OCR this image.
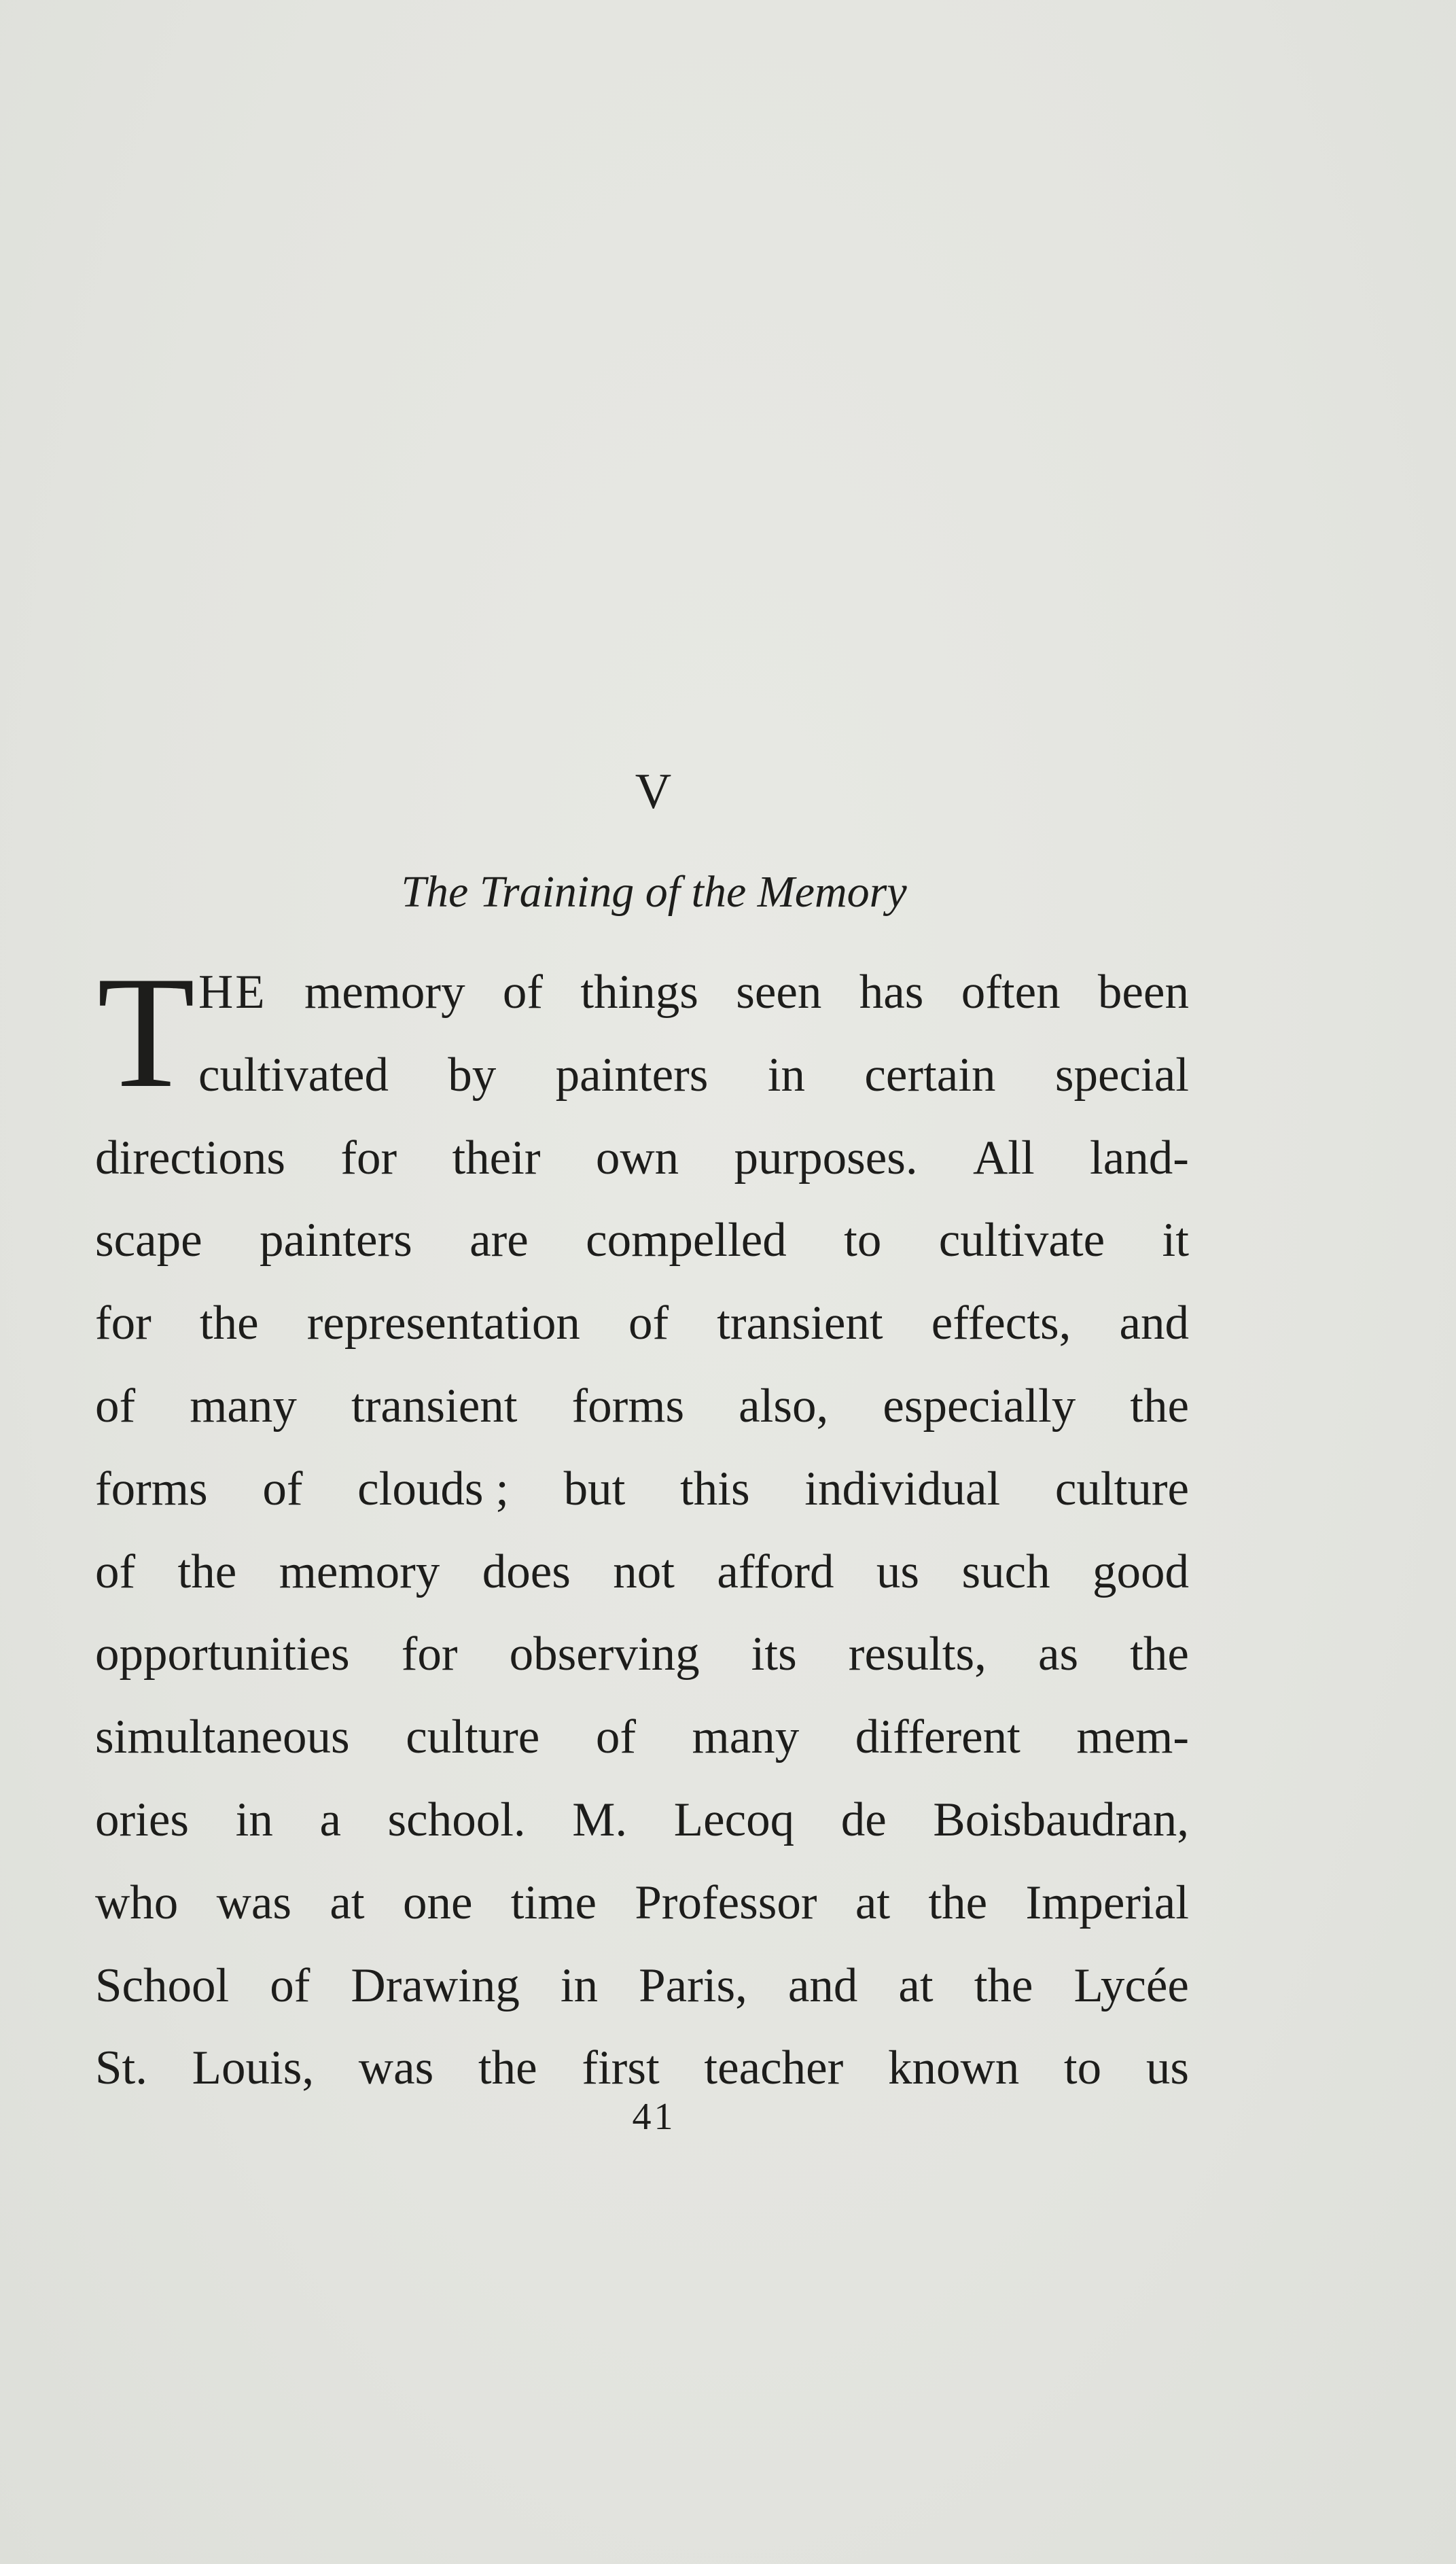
V
The Training of the Memory
T HE memory of things seen has often been
cultivated by painters in certain special
directions for their own purposes. All land-
scape painters are compelled to cultivate it
for the representation of transient effects, and
of many transient forms also, especially the
forms of clouds ; but this individual culture
of the memory does not afford us such good
opportunities for observing its results, as the
simultaneous culture of many different mem-
ories in a school. M. Lecoq de Boisbaudran,
who was at one time Professor at the Imperial
School of Drawing in Paris, and at the Lycée
St. Louis, was the first teacher known to us
41
